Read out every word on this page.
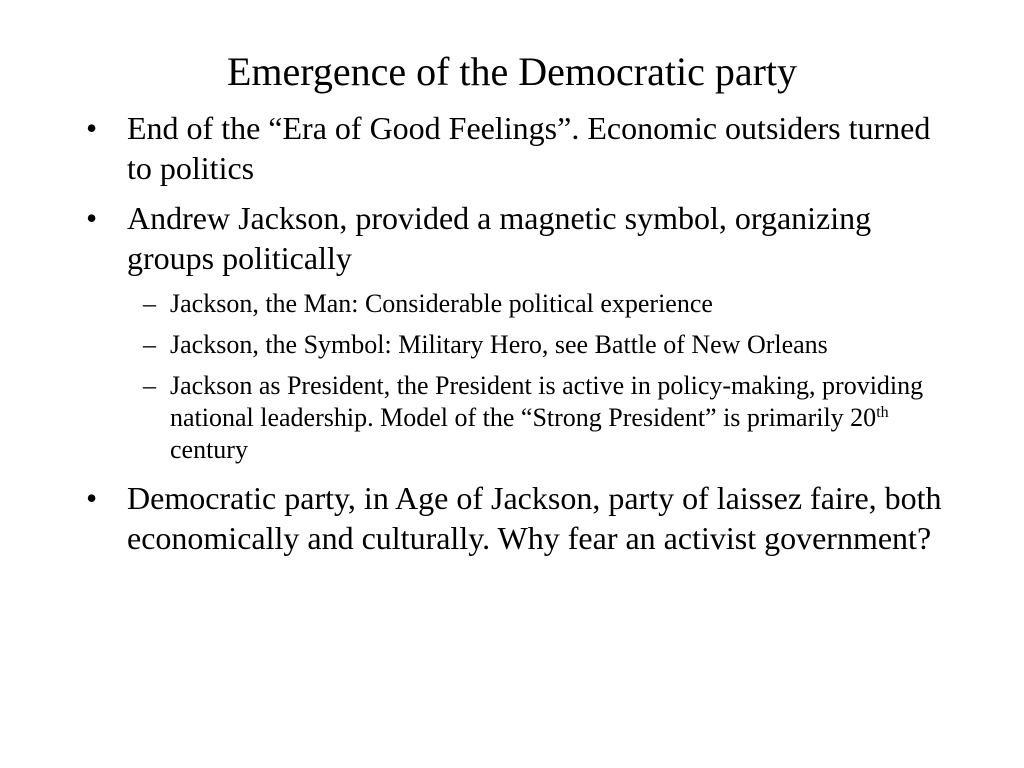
Emergence of the Democratic party
• End of the “Era of Good Feelings”. Economic outsiders turned to politics
• Andrew Jackson, provided a magnetic symbol, organizing groups politically
– Jackson, the Man: Considerable political experience
– Jackson, the Symbol: Military Hero, see Battle of New Orleans
– Jackson as President, the President is active in policy-making, providing national leadership. Model of the “Strong President” is primarily 20th century
• Democratic party, in Age of Jackson, party of laissez faire, both economically and culturally. Why fear an activist government?
